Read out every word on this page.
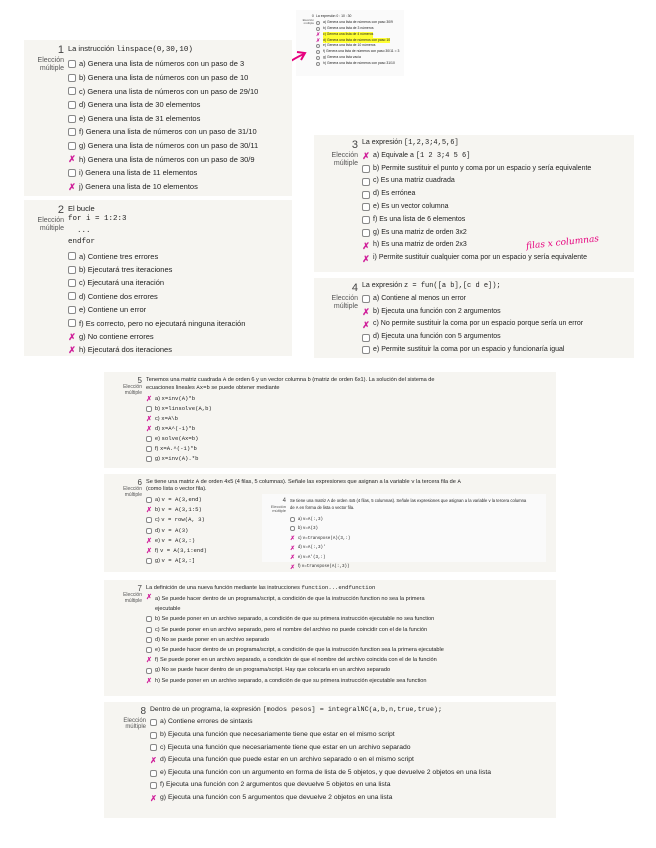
0
Elección
múltiple
La expresión 0 : 10 : 30
a) Genera una lista de números con paso 30/9
b) Genera una lista de 3 números
✗ c) Genera una lista de 4 números
✗ d) Genera una lista de números con paso 10
e) Genera una lista de 10 números
f) Genera una lista de números con paso 30/11 = 3
g) Genera una lista vacía
h) Genera una lista de números con paso 31/10
1
Elección
múltiple
La instrucción linspace(0,30,10)
a) Genera una lista de números con un paso de 3
b) Genera una lista de números con un paso de 10
c) Genera una lista de números con un paso de 29/10
d) Genera una lista de 30 elementos
e) Genera una lista de 31 elementos
f) Genera una lista de números con un paso de 31/10
g) Genera una lista de números con un paso de 30/11
✗ h) Genera una lista de números con un paso de 30/9
i) Genera una lista de 11 elementos
✗ j) Genera una lista de 10 elementos
2
Elección
múltiple
El bucle
for i = 1:2:3
...
endfor
a) Contiene tres errores
b) Ejecutará tres iteraciones
c) Ejecutará una iteración
d) Contiene dos errores
e) Contiene un error
f) Es correcto, pero no ejecutará ninguna iteración
✗ g) No contiene errores
✗ h) Ejecutará dos iteraciones
3
Elección
múltiple
La expresión [1,2,3;4,5,6]
✗ a) Equivale a [1 2 3;4 5 6]
b) Permite sustituir el punto y coma por un espacio y sería equivalente
c) Es una matriz cuadrada
d) Es errónea
e) Es un vector columna
f) Es una lista de 6 elementos
g) Es una matriz de orden 3x2
✗ h) Es una matriz de orden 2x3
✗ i) Permite sustituir cualquier coma por un espacio y sería equivalente
4
Elección
múltiple
La expresión z = fun([a b],[c d e]);
a) Contiene al menos un error
✗ b) Ejecuta una función con 2 argumentos
✗ c) No permite sustituir la coma por un espacio porque sería un error
d) Ejecuta una función con 5 argumentos
e) Permite sustituir la coma por un espacio y funcionaría igual
5
Elección
múltiple
Tenemos una matriz cuadrada A de orden 6 y un vector columna b (matriz de orden 6x1). La solución del sistema de
ecuaciones lineales Ax=b se puede obtener mediante
✗ a) x=inv(A)*b
b) x=linsolve(A,b)
✗ c) x=A\b
✗ d) x=A^(-1)*b
e) solve(Ax=b)
f) x=A.^(-1)*b
g) x=inv(A).*b
6
Elección
múltiple
Se tiene una matriz A de orden 4x5 (4 filas, 5 columnas). Señale las expresiones que asignan a la variable v la tercera fila de A
(como lista o vector fila).
a) v = A(3,end)
✗ b) v = A(3,1:5)
c) v = row(A, 3)
d) v = A(3)
✗ e) v = A(3,:)
✗ f) v = A(3,1:end)
g) v = A[3,:]
4
Elección
múltiple
Se tiene una matriz A de orden 4x5 (4 filas, 5 columnas). Señale las expresiones que asignan a la variable v la tercera columna
de A en forma de lista o vector fila.
a) v=A(:,3)
b) v=A(3)
✗ c) v=transpose(A)(3,:)
✗ d) v=A(:,3)'
✗ e) v=A'(3,:)
✗ f) v=transpose(A(:,3))
7
Elección
múltiple
La definición de una nueva función mediante las instrucciones function...endfunction
✗ a) Se puede hacer dentro de un programa/script, a condición de que la instrucción function no sea la primera
ejecutable
b) Se puede poner en un archivo separado, a condición de que su primera instrucción ejecutable no sea function
c) Se puede poner en un archivo separado, pero el nombre del archivo no puede coincidir con el de la función
d) No se puede poner en un archivo separado
e) Se puede hacer dentro de un programa/script, a condición de que la instrucción function sea la primera ejecutable
✗ f) Se puede poner en un archivo separado, a condición de que el nombre del archivo coincida con el de la función
g) No se puede hacer dentro de un programa/script. Hay que colocarla en un archivo separado
✗ h) Se puede poner en un archivo separado, a condición de que su primera instrucción ejecutable sea function
8
Elección
múltiple
Dentro de un programa, la expresión [modos pesos] = integralNC(a,b,n,true,true);
a) Contiene errores de sintaxis
b) Ejecuta una función que necesariamente tiene que estar en el mismo script
c) Ejecuta una función que necesariamente tiene que estar en un archivo separado
✗ d) Ejecuta una función que puede estar en un archivo separado o en el mismo script
e) Ejecuta una función con un argumento en forma de lista de 5 objetos, y que devuelve 2 objetos en una lista
f) Ejecuta una función con 2 argumentos que devuelve 5 objetos en una lista
✗ g) Ejecuta una función con 5 argumentos que devuelve 2 objetos en una lista
filas x columnas
